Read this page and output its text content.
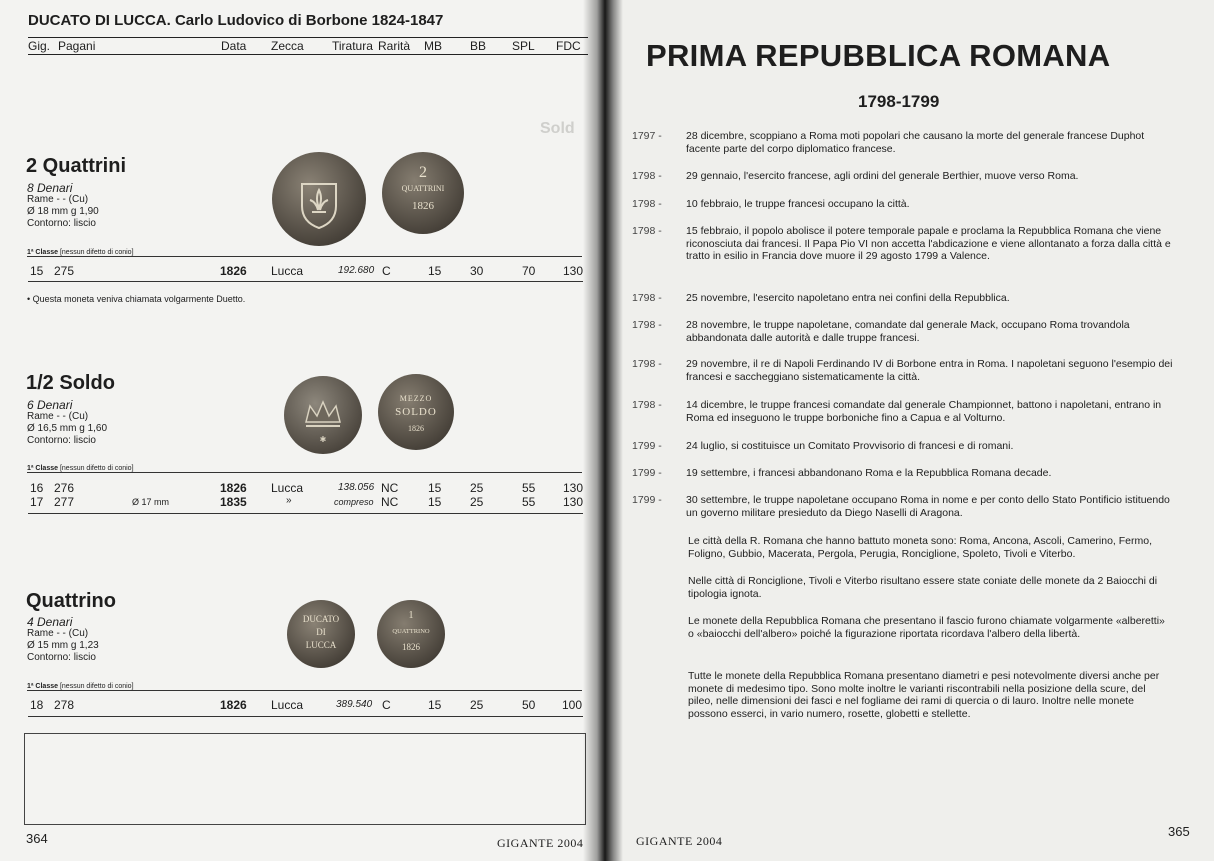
DUCATO DI LUCCA. Carlo Ludovico di Borbone 1824-1847
Gig. Pagani	Data Zecca Tiratura Rarità MB BB SPL FDC
Sold
2 Quattrini
8 Denari
Rame - - (Cu)
Ø 18 mm g 1,90
Contorno: liscio
2
QUATTRINI
1826
1ª Classe [nessun difetto di conio]
15 275	1826 Lucca	192.680 C	15 30	70 130
• Questa moneta veniva chiamata volgarmente Duetto.
1/2 Soldo
6 Denari
Rame - - (Cu)
Ø 16,5 mm g 1,60
Contorno: liscio	✱
MEZZO
SOLDO
1826
1ª Classe [nessun difetto di conio]
16 276	1826 Lucca	138.056 NC 15 25	55 130
17 277	Ø 17 mm	1835	»	compreso NC 15 25	55 130
Quattrino
4 Denari
Rame - - (Cu)
Ø 15 mm g 1,23
Contorno: liscio
DUCATO
DI
LUCCA
1
QUATTRINO
1826
1ª Classe [nessun difetto di conio]
18 278	1826 Lucca	389.540 C	15 25	50 100
364	GIGANTE 2004
PRIMA REPUBBLICA ROMANA
1798-1799
1797 - 28 dicembre, scoppiano a Roma moti popolari che causano la morte del generale francese Duphot facente parte del corpo diplomatico francese.
1798 - 29 gennaio, l'esercito francese, agli ordini del generale Berthier, muove verso Roma.
1798 - 10 febbraio, le truppe francesi occupano la città.
1798 - 15 febbraio, il popolo abolisce il potere temporale papale e proclama la Repubblica Romana che viene riconosciuta dai francesi. Il Papa Pio VI non accetta l'abdicazione e viene allontanato a forza dalla città e tratto in esilio in Francia dove muore il 29 agosto 1799 a Valence.
1798 - 25 novembre, l'esercito napoletano entra nei confini della Repubblica.
1798 - 28 novembre, le truppe napoletane, comandate dal generale Mack, occupano Roma trovandola abbandonata dalle autorità e dalle truppe francesi.
1798 - 29 novembre, il re di Napoli Ferdinando IV di Borbone entra in Roma. I napoletani seguono l'esempio dei francesi e saccheggiano sistematicamente la città.
1798 - 14 dicembre, le truppe francesi comandate dal generale Championnet, battono i napoletani, entrano in Roma ed inseguono le truppe borboniche fino a Capua e al Volturno.
1799 - 24 luglio, si costituisce un Comitato Provvisorio di francesi e di romani.
1799 - 19 settembre, i francesi abbandonano Roma e la Repubblica Romana decade.
1799 - 30 settembre, le truppe napoletane occupano Roma in nome e per conto dello Stato Pontificio istituendo un governo militare presieduto da Diego Naselli di Aragona.
Le città della R. Romana che hanno battuto moneta sono: Roma, Ancona, Ascoli, Camerino, Fermo, Foligno, Gubbio, Macerata, Pergola, Perugia, Ronciglione, Spoleto, Tivoli e Viterbo.
Nelle città di Ronciglione, Tivoli e Viterbo risultano essere state coniate delle monete da 2 Baiocchi di tipologia ignota.
Le monete della Repubblica Romana che presentano il fascio furono chiamate volgarmente «alberetti» o «baiocchi dell'albero» poiché la figurazione riportata ricordava l'albero della libertà.
Tutte le monete della Repubblica Romana presentano diametri e pesi notevolmente diversi anche per monete di medesimo tipo. Sono molte inoltre le varianti riscontrabili nella posizione della scure, del pileo, nelle dimensioni dei fasci e nel fogliame dei rami di quercia o di lauro. Inoltre nelle monete possono esserci, in vario numero, rosette, globetti e stellette.
GIGANTE 2004
365
